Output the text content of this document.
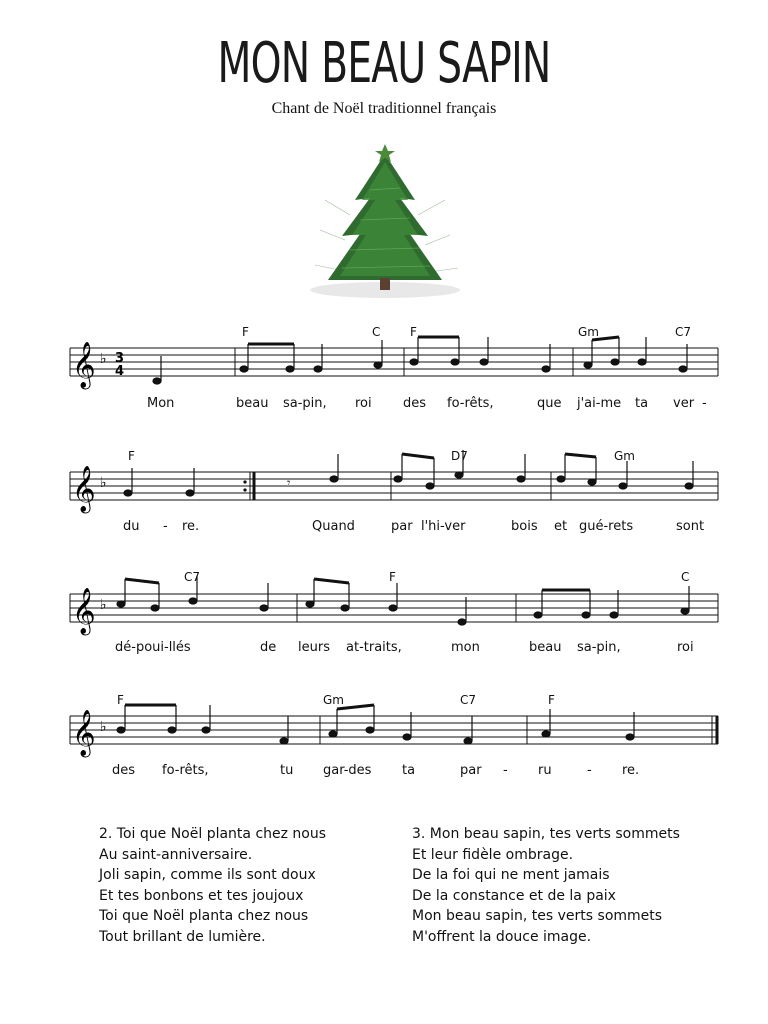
MON BEAU SAPIN
Chant de Noël traditionnel français
𝄞 ♭ 3
4
𝄞 ♭	𝄾
𝄞 ♭
𝄞 ♭
F	C F	Gm	C7
F	D7	Gm
C7	F	C
F	Gm	C7	F
Mon	beau sa-pin, roi des fo-rêts,	que j'ai-me ta ver -
du - re.	Quand	par l'hi-ver	bois et gué-rets	sont
dé-poui-llés	de leurs at-traits,	mon	beau sa-pin,	roi
des fo-rêts,	tu gar-des ta	par - ru	- re.
2. Toi que Noël planta chez nous
Au saint-anniversaire.
Joli sapin, comme ils sont doux
Et tes bonbons et tes joujoux
Toi que Noël planta chez nous
Tout brillant de lumière.
3. Mon beau sapin, tes verts sommets
Et leur fidèle ombrage.
De la foi qui ne ment jamais
De la constance et de la paix
Mon beau sapin, tes verts sommets
M'offrent la douce image.
